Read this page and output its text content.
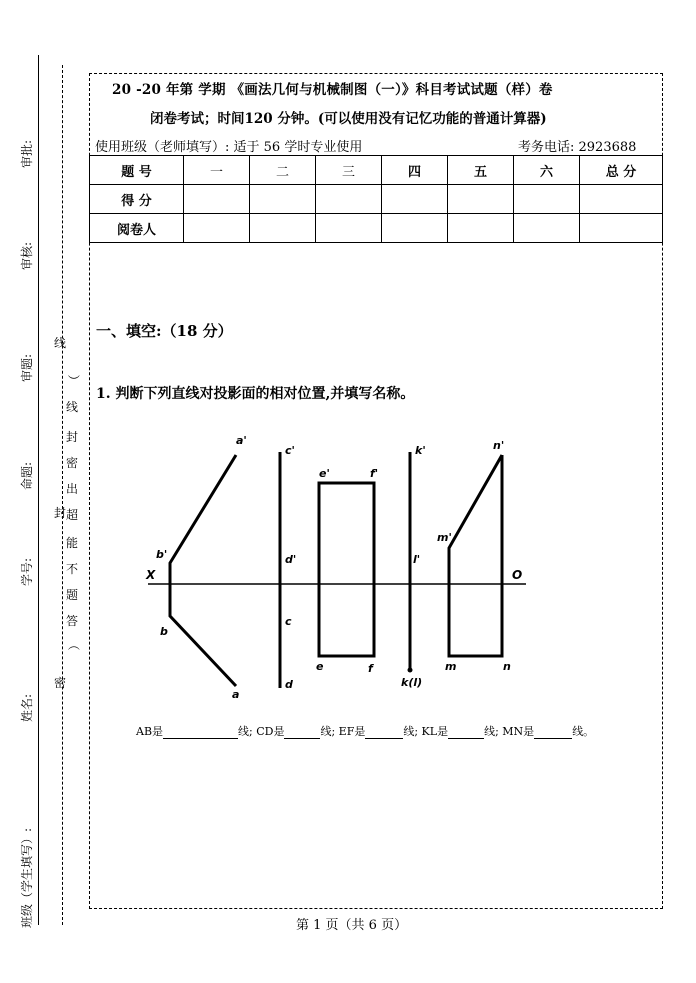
审批:
审核:
审题:
命题:
学号:
姓名:
班级（学生填写）:
线
（
答
题
不
能
超
出
密
封
线
）
封
密
20 -20 年第 学期 《画法几何与机械制图（一）》科目考试试题（样）卷
闭卷考试；时间120 分钟。(可以使用没有记忆功能的普通计算器)
使用班级（老师填写）: 适于 56 学时专业使用	考务电话: 2923688
题 号	一	二	三	四	五	六	总 分
得 分							
阅卷人							
一、填空:（18 分）
1. 判断下列直线对投影面的相对位置,并填写名称。
a'
b'
b
a
c'
d'
c
d
e'	f'
e	f
k'
l'
k(l)
n'
m'
m	n
X	O
AB是	线; CD是	线; EF是	线; KL是	线; MN是	线。
第 1 页（共 6 页）
